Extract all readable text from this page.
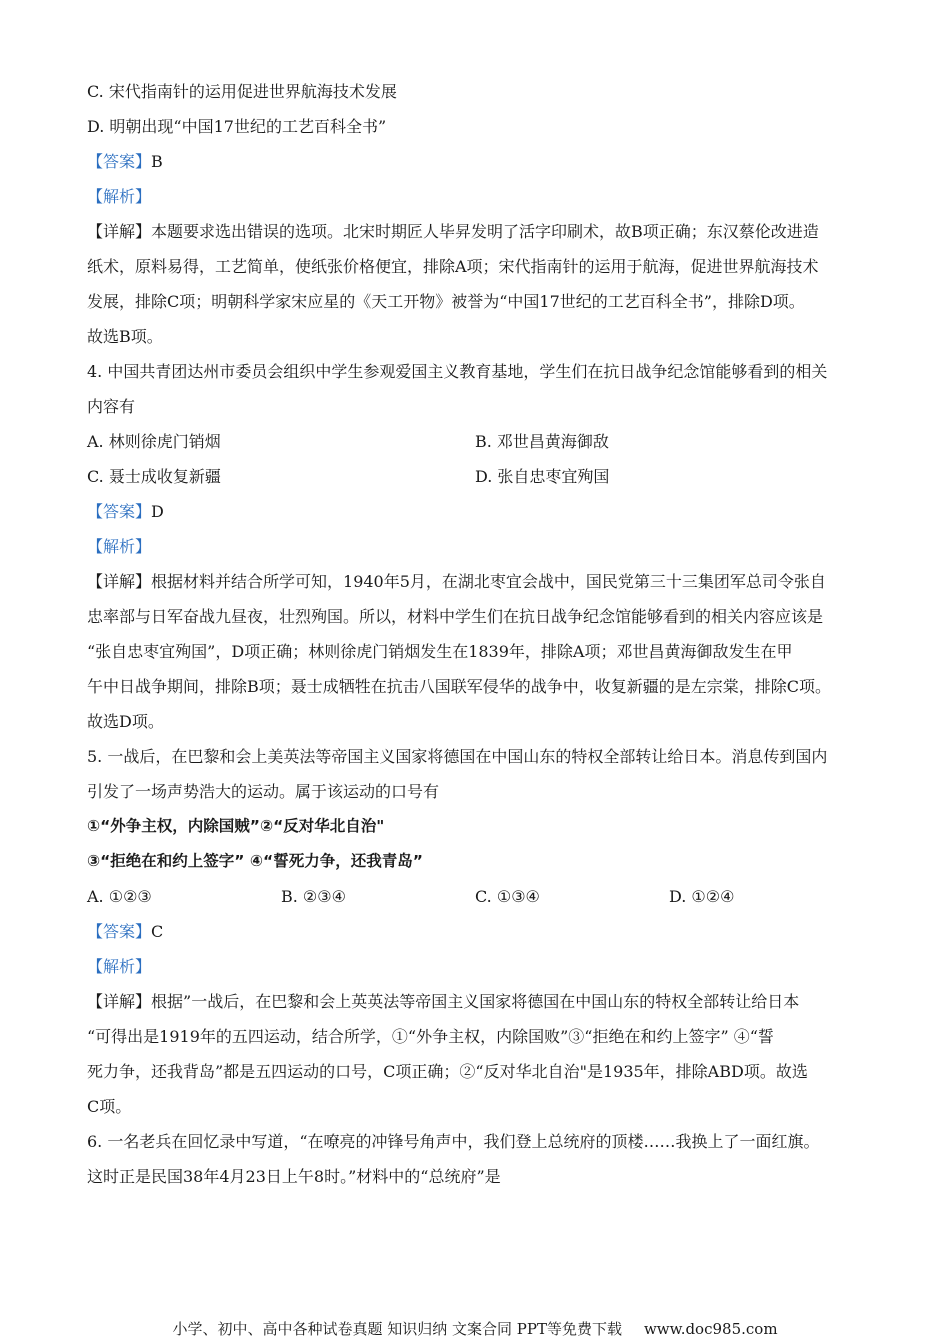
C. 宋代指南针的运用促进世界航海技术发展
D. 明朝出现“中国17世纪的工艺百科全书”
【答案】B
【解析】
【详解】本题要求选出错误的选项。北宋时期匠人毕昇发明了活字印刷术，故B项正确；东汉蔡伦改进造
纸术，原料易得，工艺简单，使纸张价格便宜，排除A项；宋代指南针的运用于航海，促进世界航海技术
发展，排除C项；明朝科学家宋应星的《天工开物》被誉为“中国17世纪的工艺百科全书”，排除D项。
故选B项。
4. 中国共青团达州市委员会组织中学生参观爱国主义教育基地，学生们在抗日战争纪念馆能够看到的相关
内容有
A. 林则徐虎门销烟	B. 邓世昌黄海御敌
C. 聂士成收复新疆	D. 张自忠枣宜殉国
【答案】D
【解析】
【详解】根据材料并结合所学可知，1940年5月，在湖北枣宜会战中，国民党第三十三集团军总司令张自
忠率部与日军奋战九昼夜，壮烈殉国。所以，材料中学生们在抗日战争纪念馆能够看到的相关内容应该是
“张自忠枣宜殉国”，D项正确；林则徐虎门销烟发生在1839年，排除A项；邓世昌黄海御敌发生在甲
午中日战争期间，排除B项；聂士成牺牲在抗击八国联军侵华的战争中，收复新疆的是左宗棠，排除C项。
故选D项。
5. 一战后，在巴黎和会上美英法等帝国主义国家将德国在中国山东的特权全部转让给日本。消息传到国内
引发了一场声势浩大的运动。属于该运动的口号有
①“外争主权，内除国贼”②“反对华北自治"
③“拒绝在和约上签字” ④“誓死力争，还我青岛”
A. ①②③	B. ②③④	C. ①③④	D. ①②④
【答案】C
【解析】
【详解】根据”一战后，在巴黎和会上英英法等帝国主义国家将德国在中国山东的特权全部转让给日本
“可得出是1919年的五四运动，结合所学，①“外争主权，内除国败”③“拒绝在和约上签字” ④“誓
死力争，还我背岛”都是五四运动的口号，C项正确；②“反对华北自治"是1935年，排除ABD项。故选
C项。
6. 一名老兵在回忆录中写道，“在嘹亮的冲锋号角声中，我们登上总统府的顶楼……我换上了一面红旗。
这时正是民国38年4月23日上午8时。”材料中的“总统府”是
小学、初中、高中各种试卷真题 知识归纳 文案合同 PPT等免费下载 www.doc985.com
